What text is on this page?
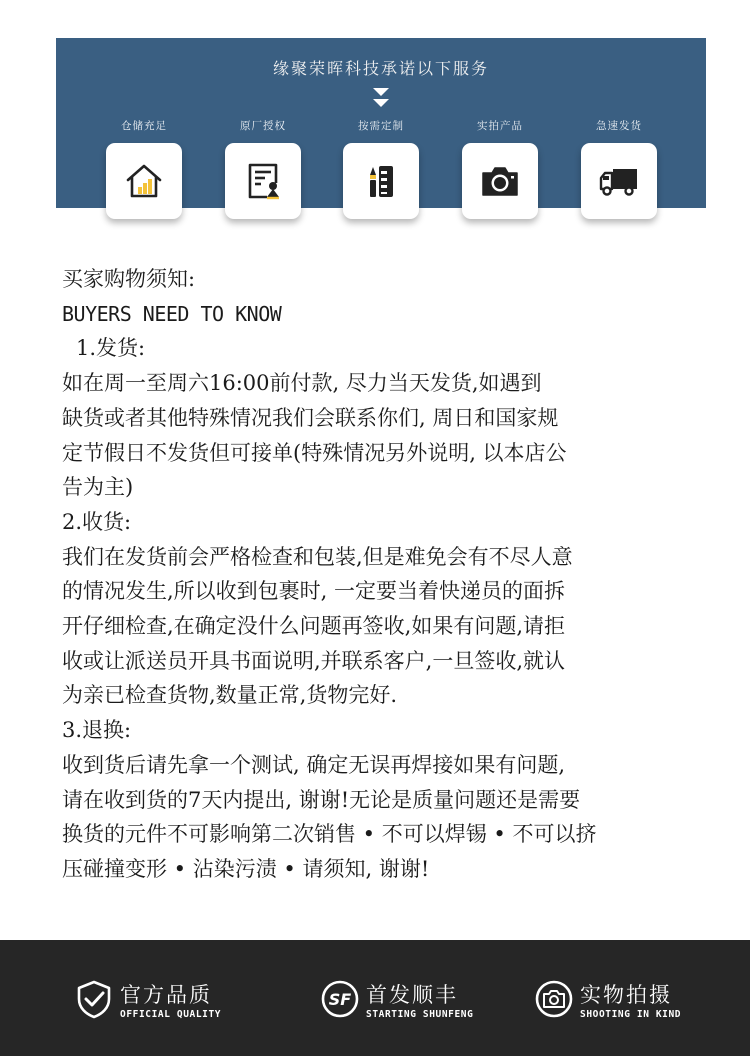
缘聚荣晖科技承诺以下服务
仓储充足	原厂授权	按需定制	实拍产品	急速发货

买家购物须知:

BUYERS NEED TO KNOW

1.发货:

如在周一至周六16:00前付款, 尽力当天发货,如遇到

缺货或者其他特殊情况我们会联系你们, 周日和国家规

定节假日不发货但可接单(特殊情况另外说明, 以本店公

告为主)

2.收货:

我们在发货前会严格检查和包装,但是难免会有不尽人意

的情况发生,所以收到包裹时, 一定要当着快递员的面拆

开仔细检查,在确定没什么问题再签收,如果有问题,请拒

收或让派送员开具书面说明,并联系客户,一旦签收,就认

为亲已检查货物,数量正常,货物完好.

3.退换:

收到货后请先拿一个测试, 确定无误再焊接如果有问题,

请在收到货的7天内提出, 谢谢!无论是质量问题还是需要

换货的元件不可影响第二次销售 • 不可以焊锡 • 不可以挤

压碰撞变形 • 沾染污渍 • 请须知, 谢谢!

官方品质
OFFICIAL QUALITY
SF 首发顺丰
STARTING SHUNFENG
实物拍摄
SHOOTING IN KIND
